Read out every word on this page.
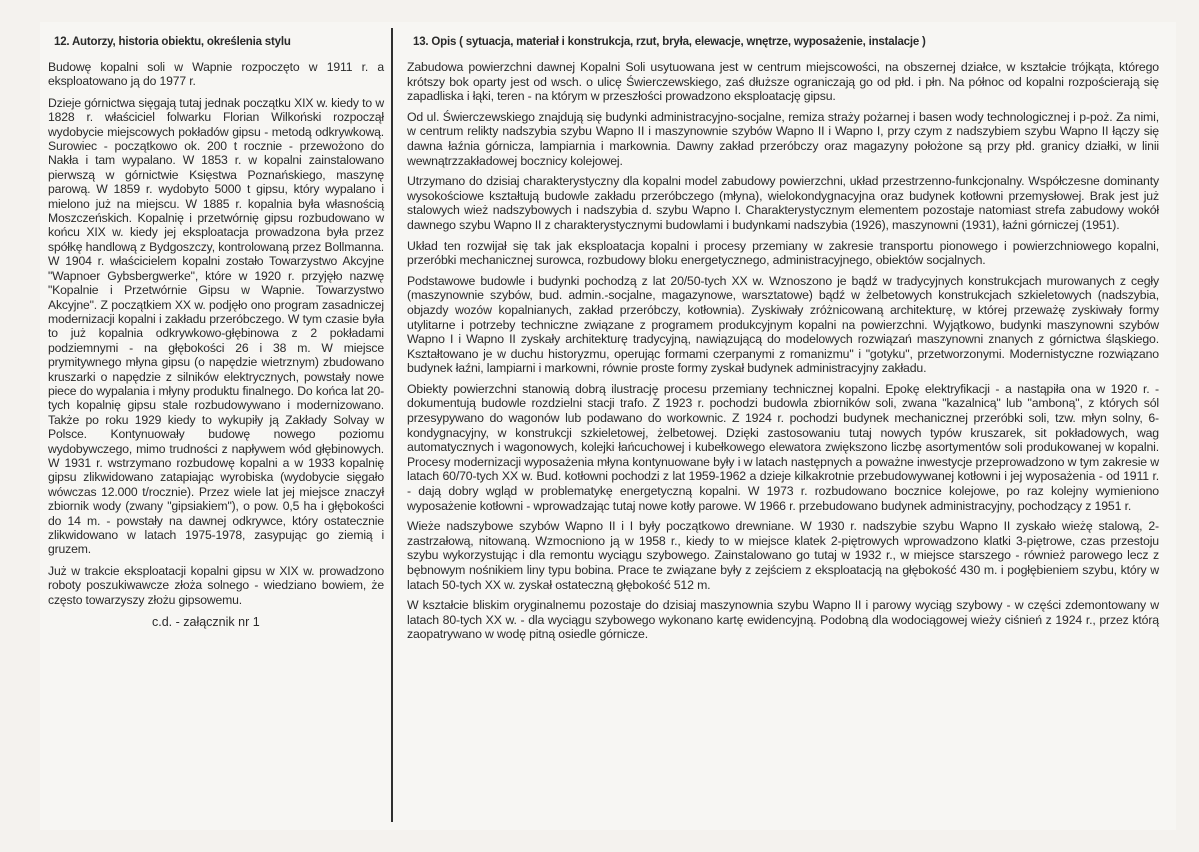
12. Autorzy, historia obiektu, określenia stylu

Budowę kopalni soli w Wapnie rozpoczęto w 1911 r. a eksploatowano ją do 1977 r.

Dzieje górnictwa sięgają tutaj jednak początku XIX w. kiedy to w 1828 r. właściciel folwarku Florian Wilkoński rozpoczął wydobycie miejscowych pokładów gipsu - metodą odkrywkową. Surowiec - początkowo ok. 200 t rocznie - przewożono do Nakła i tam wypalano. W 1853 r. w kopalni zainstalowano pierwszą w górnictwie Księstwa Poznańskiego, maszynę parową. W 1859 r. wydobyto 5000 t gipsu, który wypalano i mielono już na miejscu. W 1885 r. kopalnia była własnością Moszczeńskich. Kopalnię i przetwórnię gipsu rozbudowano w końcu XIX w. kiedy jej eksploatacja prowadzona była przez spółkę handlową z Bydgoszczy, kontrolowaną przez Bollmanna. W 1904 r. właścicielem kopalni zostało Towarzystwo Akcyjne "Wapnoer Gybsbergwerke", które w 1920 r. przyjęło nazwę "Kopalnie i Przetwórnie Gipsu w Wapnie. Towarzystwo Akcyjne". Z początkiem XX w. podjęło ono program zasadniczej modernizacji kopalni i zakładu przeróbczego. W tym czasie była to już kopalnia odkrywkowo-głębinowa z 2 pokładami podziemnymi - na głębokości 26 i 38 m. W miejsce prymitywnego młyna gipsu (o napędzie wietrznym) zbudowano kruszarki o napędzie z silników elektrycznych, powstały nowe piece do wypalania i młyny produktu finalnego. Do końca lat 20-tych kopalnię gipsu stale rozbudowywano i modernizowano. Także po roku 1929 kiedy to wykupiły ją Zakłady Solvay w Polsce. Kontynuowały budowę nowego poziomu wydobywczego, mimo trudności z napływem wód głębinowych. W 1931 r. wstrzymano rozbudowę kopalni a w 1933 kopalnię gipsu zlikwidowano zatapiając wyrobiska (wydobycie sięgało wówczas 12.000 t/rocznie). Przez wiele lat jej miejsce znaczył zbiornik wody (zwany "gipsiakiem"), o pow. 0,5 ha i głębokości do 14 m. - powstały na dawnej odkrywce, który ostatecznie zlikwidowano w latach 1975-1978, zasypując go ziemią i gruzem.

Już w trakcie eksploatacji kopalni gipsu w XIX w. prowadzono roboty poszukiwawcze złoża solnego - wiedziano bowiem, że często towarzyszy złożu gipsowemu.

c.d. - załącznik nr 1
13. Opis ( sytuacja, materiał i konstrukcja, rzut, bryła, elewacje, wnętrze, wyposażenie, instalacje )

Zabudowa powierzchni dawnej Kopalni Soli usytuowana jest w centrum miejscowości, na obszernej działce, w kształcie trójkąta, którego krótszy bok oparty jest od wsch. o ulicę Świerczewskiego, zaś dłuższe ograniczają go od płd. i płn. Na północ od kopalni rozpościerają się zapadliska i łąki, teren - na którym w przeszłości prowadzono eksploatację gipsu.

Od ul. Świerczewskiego znajdują się budynki administracyjno-socjalne, remiza straży pożarnej i basen wody technologicznej i p-poż. Za nimi, w centrum relikty nadszybia szybu Wapno II i maszynownie szybów Wapno II i Wapno I, przy czym z nadszybiem szybu Wapno II łączy się dawna łaźnia górnicza, lampiarnia i markownia. Dawny zakład przeróbczy oraz magazyny położone są przy płd. granicy działki, w linii wewnątrzzakładowej bocznicy kolejowej.

Utrzymano do dzisiaj charakterystyczny dla kopalni model zabudowy powierzchni, układ przestrzenno-funkcjonalny. Współczesne dominanty wysokościowe kształtują budowle zakładu przeróbczego (młyna), wielokondygnacyjna oraz budynek kotłowni przemysłowej. Brak jest już stalowych wież nadszybowych i nadszybia d. szybu Wapno I. Charakterystycznym elementem pozostaje natomiast strefa zabudowy wokół dawnego szybu Wapno II z charakterystycznymi budowlami i budynkami nadszybia (1926), maszynowni (1931), łaźni górniczej (1951).

Układ ten rozwijał się tak jak eksploatacja kopalni i procesy przemiany w zakresie transportu pionowego i powierzchniowego kopalni, przeróbki mechanicznej surowca, rozbudowy bloku energetycznego, administracyjnego, obiektów socjalnych.

Podstawowe budowle i budynki pochodzą z lat 20/50-tych XX w. Wznoszono je bądź w tradycyjnych konstrukcjach murowanych z cegły (maszynownie szybów, bud. admin.-socjalne, magazynowe, warsztatowe) bądź w żelbetowych konstrukcjach szkieletowych (nadszybia, objazdy wozów kopalnianych, zakład przeróbczy, kotłownia). Zyskiwały zróżnicowaną architekturę, w której przeważę zyskiwały formy utylitarne i potrzeby techniczne związane z programem produkcyjnym kopalni na powierzchni. Wyjątkowo, budynki maszynowni szybów Wapno I i Wapno II zyskały architekturę tradycyjną, nawiązującą do modelowych rozwiązań maszynowni znanych z górnictwa śląskiego. Kształtowano je w duchu historyzmu, operując formami czerpanymi z romanizmu" i "gotyku", przetworzonymi. Modernistyczne rozwiązano budynek łaźni, lampiarni i markowni, równie proste formy zyskał budynek administracyjny zakładu.

Obiekty powierzchni stanowią dobrą ilustrację procesu przemiany technicznej kopalni. Epokę elektryfikacji - a nastąpiła ona w 1920 r. - dokumentują budowle rozdzielni stacji trafo. Z 1923 r. pochodzi budowla zbiorników soli, zwana "kazalnicą" lub "amboną", z których sól przesypywano do wagonów lub podawano do workownic. Z 1924 r. pochodzi budynek mechanicznej przeróbki soli, tzw. młyn solny, 6-kondygnacyjny, w konstrukcji szkieletowej, żelbetowej. Dzięki zastosowaniu tutaj nowych typów kruszarek, sit pokładowych, wag automatycznych i wagonowych, kolejki łańcuchowej i kubełkowego elewatora zwiększono liczbę asortymentów soli produkowanej w kopalni. Procesy modernizacji wyposażenia młyna kontynuowane były i w latach następnych a poważne inwestycje przeprowadzono w tym zakresie w latach 60/70-tych XX w. Bud. kotłowni pochodzi z lat 1959-1962 a dzieje kilkakrotnie przebudowywanej kotłowni i jej wyposażenia - od 1911 r. - dają dobry wgląd w problematykę energetyczną kopalni. W 1973 r. rozbudowano bocznice kolejowe, po raz kolejny wymieniono wyposażenie kotłowni - wprowadzając tutaj nowe kotły parowe. W 1966 r. przebudowano budynek administracyjny, pochodzący z 1951 r.

Wieże nadszybowe szybów Wapno II i I były początkowo drewniane. W 1930 r. nadszybie szybu Wapno II zyskało wieżę stalową, 2-zastrzałową, nitowaną. Wzmocniono ją w 1958 r., kiedy to w miejsce klatek 2-piętrowych wprowadzono klatki 3-piętrowe, czas przestoju szybu wykorzystując i dla remontu wyciągu szybowego. Zainstalowano go tutaj w 1932 r., w miejsce starszego - również parowego lecz z bębnowym nośnikiem liny typu bobina. Prace te związane były z zejściem z eksploatacją na głębokość 430 m. i pogłębieniem szybu, który w latach 50-tych XX w. zyskał ostateczną głębokość 512 m.

W kształcie bliskim oryginalnemu pozostaje do dzisiaj maszynownia szybu Wapno II i parowy wyciąg szybowy - w części zdemontowany w latach 80-tych XX w. - dla wyciągu szybowego wykonano kartę ewidencyjną. Podobną dla wodociągowej wieży ciśnień z 1924 r., przez którą zaopatrywano w wodę pitną osiedle górnicze.
